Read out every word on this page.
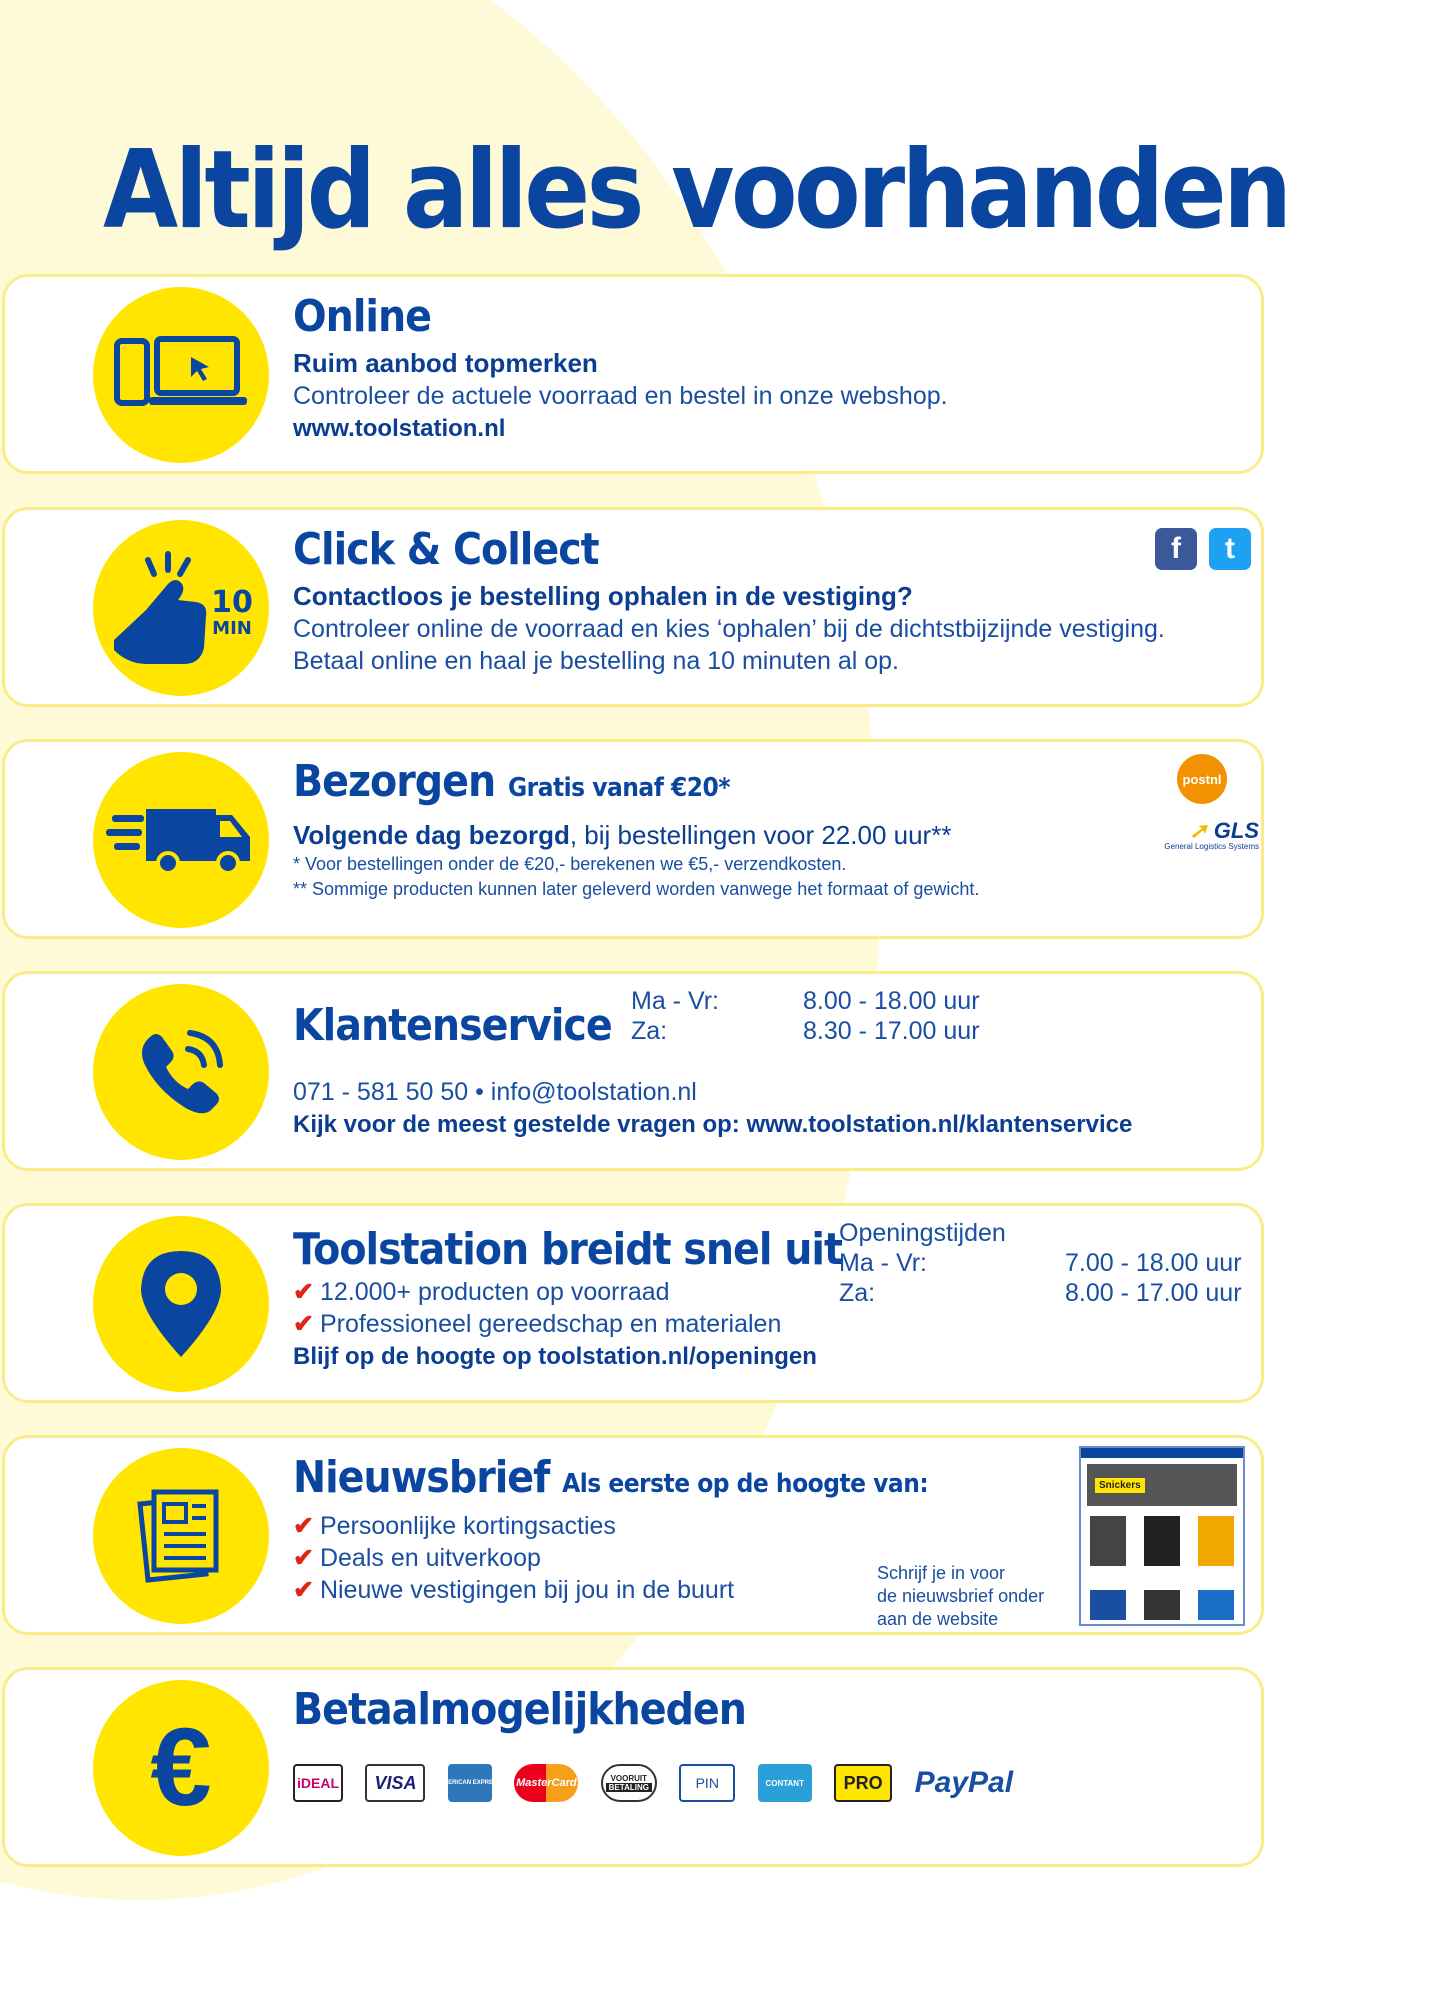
Altijd alles voorhanden
Online
Ruim aanbod topmerken
Controleer de actuele voorraad en bestel in onze webshop.
www.toolstation.nl
10
MIN
Click & Collect
Contactloos je bestelling ophalen in de vestiging?
Controleer online de voorraad en kies ‘ophalen’ bij de dichtstbijzijnde vestiging.
Betaal online en haal je bestelling na 10 minuten al op.
f	t
Bezorgen Gratis vanaf €20*
Volgende dag bezorgd, bij bestellingen voor 22.00 uur**
* Voor bestellingen onder de €20,- berekenen we €5,- verzendkosten.
** Sommige producten kunnen later geleverd worden vanwege het formaat of gewicht.
postnl
➚ GLS
General Logistics Systems
Klantenservice
071 - 581 50 50 • info@toolstation.nl
Kijk voor de meest gestelde vragen op: www.toolstation.nl/klantenservice
Ma - Vr:	8.00 - 18.00 uur
Za:	8.30 - 17.00 uur
Toolstation breidt snel uit
✔ 12.000+ producten op voorraad
✔ Professioneel gereedschap en materialen
Blijf op de hoogte op toolstation.nl/openingen
Openingstijden
Ma - Vr:	7.00 - 18.00 uur
Za:	8.00 - 17.00 uur
Nieuwsbrief Als eerste op de hoogte van:
✔ Persoonlijke kortingsacties
✔ Deals en uitverkoop
✔ Nieuwe vestigingen bij jou in de buurt
Schrijf je in voor
de nieuwsbrief onder
aan de website
Snickers
€ Betaalmogelijkheden
iDEAL VISA	AMERICAN EXPRESS MasterCard	VOORUIT
BETALING	PIN	CONTANT PRO PayPal
